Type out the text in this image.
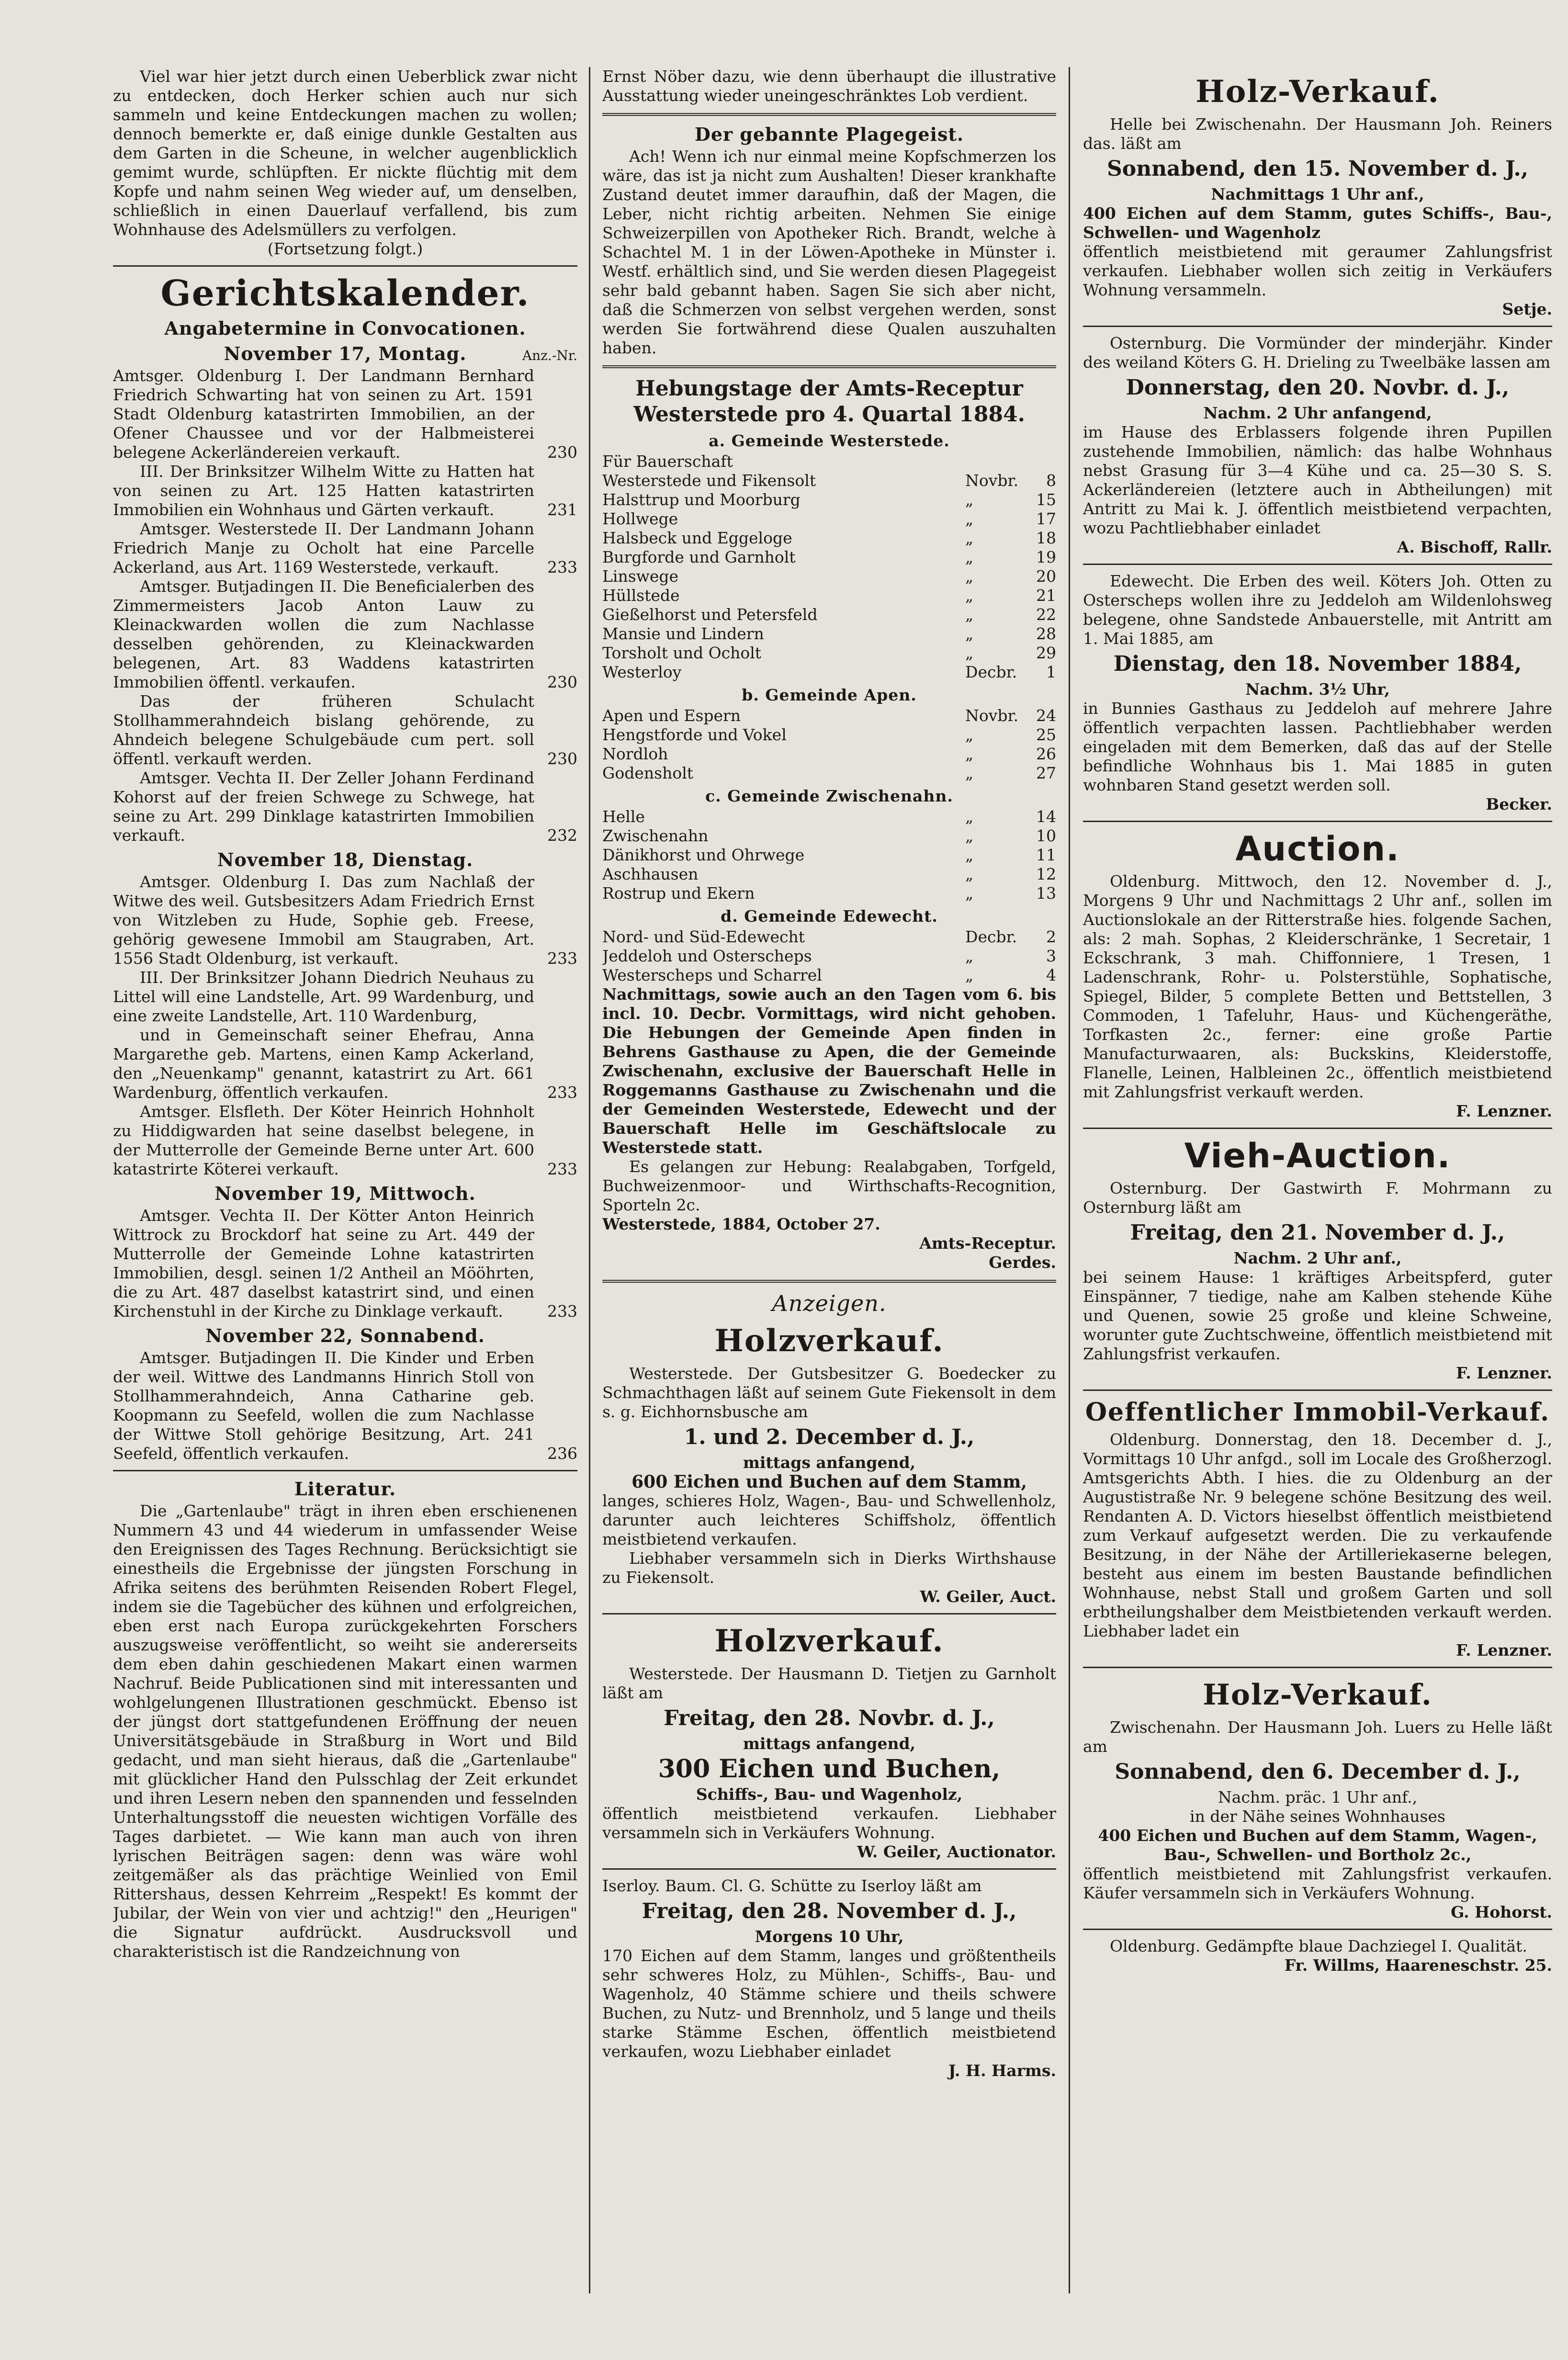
Viel war hier jetzt durch einen Ueberblick zwar nicht zu entdecken, doch Herker schien auch nur sich sammeln und keine Entdeckungen machen zu wollen; dennoch bemerkte er, daß einige dunkle Gestalten aus dem Garten in die Scheune, in welcher augenblicklich gemimt wurde, schlüpften. Er nickte flüchtig mit dem Kopfe und nahm seinen Weg wieder auf, um denselben, schließlich in einen Dauerlauf verfallend, bis zum Wohnhause des Adelsmüllers zu verfolgen.

(Fortsetzung folgt.)

Gerichtskalender.
Angabetermine in Convocationen.
November 17, Montag.	Anz.-Nr.

Amtsger. Oldenburg I. Der Landmann Bernhard Friedrich Schwarting hat von seinen zu Art. 1591 Stadt Oldenburg katastrirten Immobilien, an der Ofener Chaussee und vor der Halbmeisterei belegene Ackerländereien verkauft.	230

III. Der Brinksitzer Wilhelm Witte zu Hatten hat von seinen zu Art. 125 Hatten katastrirten Immobilien ein Wohnhaus und Gärten verkauft.	231

Amtsger. Westerstede II. Der Landmann Johann Friedrich Manje zu Ocholt hat eine Parcelle Ackerland, aus Art. 1169 Westerstede, verkauft.	233

Amtsger. Butjadingen II. Die Beneficialerben des Zimmermeisters Jacob Anton Lauw zu Kleinackwarden wollen die zum Nachlasse desselben gehörenden, zu Kleinackwarden belegenen, Art. 83 Waddens katastrirten Immobilien öffentl. verkaufen.	230

Das der früheren Schulacht Stollhammerahndeich bislang gehörende, zu Ahndeich belegene Schulgebäude cum pert. soll öffentl. verkauft werden.	230

Amtsger. Vechta II. Der Zeller Johann Ferdinand Kohorst auf der freien Schwege zu Schwege, hat seine zu Art. 299 Dinklage katastrirten Immobilien verkauft.	232

November 18, Dienstag.

Amtsger. Oldenburg I. Das zum Nachlaß der Witwe des weil. Gutsbesitzers Adam Friedrich Ernst von Witzleben zu Hude, Sophie geb. Freese, gehörig gewesene Immobil am Staugraben, Art. 1556 Stadt Oldenburg, ist verkauft.	233

III. Der Brinksitzer Johann Diedrich Neuhaus zu Littel will eine Landstelle, Art. 99 Wardenburg, und eine zweite Landstelle, Art. 110 Wardenburg,

und in Gemeinschaft seiner Ehefrau, Anna Margarethe geb. Martens, einen Kamp Ackerland, den „Neuenkamp" genannt, katastrirt zu Art. 661 Wardenburg, öffentlich verkaufen.	233

Amtsger. Elsfleth. Der Köter Heinrich Hohnholt zu Hiddigwarden hat seine daselbst belegene, in der Mutterrolle der Gemeinde Berne unter Art. 600 katastrirte Köterei verkauft.	233

November 19, Mittwoch.

Amtsger. Vechta II. Der Kötter Anton Heinrich Wittrock zu Brockdorf hat seine zu Art. 449 der Mutterrolle der Gemeinde Lohne katastrirten Immobilien, desgl. seinen 1/2 Antheil an Mööhrten, die zu Art. 487 daselbst katastrirt sind, und einen Kirchenstuhl in der Kirche zu Dinklage verkauft.	233

November 22, Sonnabend.

Amtsger. Butjadingen II. Die Kinder und Erben der weil. Wittwe des Landmanns Hinrich Stoll von Stollhammerahndeich, Anna Catharine geb. Koopmann zu Seefeld, wollen die zum Nachlasse der Wittwe Stoll gehörige Besitzung, Art. 241 Seefeld, öffentlich verkaufen.	236

Literatur.

Die „Gartenlaube" trägt in ihren eben erschienenen Nummern 43 und 44 wiederum in umfassender Weise den Ereignissen des Tages Rechnung. Berücksichtigt sie einestheils die Ergebnisse der jüngsten Forschung in Afrika seitens des berühmten Reisenden Robert Flegel, indem sie die Tagebücher des kühnen und erfolgreichen, eben erst nach Europa zurückgekehrten Forschers auszugsweise veröffentlicht, so weiht sie andererseits dem eben dahin geschiedenen Makart einen warmen Nachruf. Beide Publicationen sind mit interessanten und wohlgelungenen Illustrationen geschmückt. Ebenso ist der jüngst dort stattgefundenen Eröffnung der neuen Universitätsgebäude in Straßburg in Wort und Bild gedacht, und man sieht hieraus, daß die „Gartenlaube" mit glücklicher Hand den Pulsschlag der Zeit erkundet und ihren Lesern neben den spannenden und fesselnden Unterhaltungsstoff die neuesten wichtigen Vorfälle des Tages darbietet. — Wie kann man auch von ihren lyrischen Beiträgen sagen: denn was wäre wohl zeitgemäßer als das prächtige Weinlied von Emil Rittershaus, dessen Kehrreim „Respekt! Es kommt der Jubilar, der Wein von vier und achtzig!" den „Heurigen" die Signatur aufdrückt. Ausdrucksvoll und charakteristisch ist die Randzeichnung von

Ernst Nöber dazu, wie denn überhaupt die illustrative Ausstattung wieder uneingeschränktes Lob verdient.

Der gebannte Plagegeist.

Ach! Wenn ich nur einmal meine Kopfschmerzen los wäre, das ist ja nicht zum Aushalten! Dieser krankhafte Zustand deutet immer daraufhin, daß der Magen, die Leber, nicht richtig arbeiten. Nehmen Sie einige Schweizerpillen von Apotheker Rich. Brandt, welche à Schachtel M. 1 in der Löwen-Apotheke in Münster i. Westf. erhältlich sind, und Sie werden diesen Plagegeist sehr bald gebannt haben. Sagen Sie sich aber nicht, daß die Schmerzen von selbst vergehen werden, sonst werden Sie fortwährend diese Qualen auszuhalten haben.

Hebungstage der Amts-Receptur Westerstede pro 4. Quartal 1884.
a. Gemeinde Westerstede.

Für Bauerschaft

Westerstede und Fikensolt	Novbr.	8
Halsttrup und Moorburg	„	15
Hollwege	„	17
Halsbeck und Eggeloge	„	18
Burgforde und Garnholt	„	19
Linswege	„	20
Hüllstede	„	21
Gießelhorst und Petersfeld	„	22
Mansie und Lindern	„	28
Torsholt und Ocholt	„	29
Westerloy	Decbr.	1
b. Gemeinde Apen.
Apen und Espern	Novbr.	24
Hengstforde und Vokel	„	25
Nordloh	„	26
Godensholt	„	27
c. Gemeinde Zwischenahn.
Helle	„	14
Zwischenahn	„	10
Dänikhorst und Ohrwege	„	11
Aschhausen	„	12
Rostrup und Ekern	„	13
d. Gemeinde Edewecht.
Nord- und Süd-Edewecht	Decbr.	2
Jeddeloh und Osterscheps	„	3
Westerscheps und Scharrel	„	4

Nachmittags, sowie auch an den Tagen vom 6. bis incl. 10. Decbr. Vormittags, wird nicht gehoben. Die Hebungen der Gemeinde Apen finden in Behrens Gasthause zu Apen, die der Gemeinde Zwischenahn, exclusive der Bauerschaft Helle in Roggemanns Gasthause zu Zwischenahn und die der Gemeinden Westerstede, Edewecht und der Bauerschaft Helle im Geschäftslocale zu Westerstede statt.

Es gelangen zur Hebung: Realabgaben, Torfgeld, Buchweizenmoor- und Wirthschafts-Recognition, Sporteln 2c.

Westerstede, 1884, October 27.

Amts-Receptur.

Gerdes.

Anzeigen.
Holzverkauf.

Westerstede. Der Gutsbesitzer G. Boedecker zu Schmachthagen läßt auf seinem Gute Fiekensolt in dem s. g. Eichhornsbusche am

1. und 2. December d. J.,

mittags anfangend,

600 Eichen und Buchen auf dem Stamm,

langes, schieres Holz, Wagen-, Bau- und Schwellenholz, darunter auch leichteres Schiffsholz, öffentlich meistbietend verkaufen.

Liebhaber versammeln sich in Dierks Wirthshause zu Fiekensolt.

W. Geiler, Auct.

Holzverkauf.

Westerstede. Der Hausmann D. Tietjen zu Garnholt läßt am

Freitag, den 28. Novbr. d. J.,

mittags anfangend,

300 Eichen und Buchen,

Schiffs-, Bau- und Wagenholz,

öffentlich meistbietend verkaufen. Liebhaber versammeln sich in Verkäufers Wohnung.

W. Geiler, Auctionator.

Iserloy. Baum. Cl. G. Schütte zu Iserloy läßt am

Freitag, den 28. November d. J.,

Morgens 10 Uhr,

170 Eichen auf dem Stamm, langes und größtentheils sehr schweres Holz, zu Mühlen-, Schiffs-, Bau- und Wagenholz, 40 Stämme schiere und theils schwere Buchen, zu Nutz- und Brennholz, und 5 lange und theils starke Stämme Eschen, öffentlich meistbietend verkaufen, wozu Liebhaber einladet

J. H. Harms.

Holz-Verkauf.

Helle bei Zwischenahn. Der Hausmann Joh. Reiners das. läßt am

Sonnabend, den 15. November d. J.,

Nachmittags 1 Uhr anf.,

400 Eichen auf dem Stamm, gutes Schiffs-, Bau-, Schwellen- und Wagenholz

öffentlich meistbietend mit geraumer Zahlungsfrist verkaufen. Liebhaber wollen sich zeitig in Verkäufers Wohnung versammeln.

Setje.

Osternburg. Die Vormünder der minderjähr. Kinder des weiland Köters G. H. Drieling zu Tweelbäke lassen am

Donnerstag, den 20. Novbr. d. J.,

Nachm. 2 Uhr anfangend,

im Hause des Erblassers folgende ihren Pupillen zustehende Immobilien, nämlich: das halbe Wohnhaus nebst Grasung für 3—4 Kühe und ca. 25—30 S. S. Ackerländereien (letztere auch in Abtheilungen) mit Antritt zu Mai k. J. öffentlich meistbietend verpachten, wozu Pachtliebhaber einladet

A. Bischoff, Rallr.

Edewecht. Die Erben des weil. Köters Joh. Otten zu Osterscheps wollen ihre zu Jeddeloh am Wildenlohsweg belegene, ohne Sandstede Anbauerstelle, mit Antritt am 1. Mai 1885, am

Dienstag, den 18. November 1884,

Nachm. 3½ Uhr,

in Bunnies Gasthaus zu Jeddeloh auf mehrere Jahre öffentlich verpachten lassen. Pachtliebhaber werden eingeladen mit dem Bemerken, daß das auf der Stelle befindliche Wohnhaus bis 1. Mai 1885 in guten wohnbaren Stand gesetzt werden soll.

Becker.

Auction.

Oldenburg. Mittwoch, den 12. November d. J., Morgens 9 Uhr und Nachmittags 2 Uhr anf., sollen im Auctionslokale an der Ritterstraße hies. folgende Sachen, als: 2 mah. Sophas, 2 Kleiderschränke, 1 Secretair, 1 Eckschrank, 3 mah. Chiffonniere, 1 Tresen, 1 Ladenschrank, Rohr- u. Polsterstühle, Sophatische, Spiegel, Bilder, 5 complete Betten und Bettstellen, 3 Commoden, 1 Tafeluhr, Haus- und Küchengeräthe, Torfkasten 2c., ferner: eine große Partie Manufacturwaaren, als: Buckskins, Kleiderstoffe, Flanelle, Leinen, Halbleinen 2c., öffentlich meistbietend mit Zahlungsfrist verkauft werden.

F. Lenzner.

Vieh-Auction.

Osternburg. Der Gastwirth F. Mohrmann zu Osternburg läßt am

Freitag, den 21. November d. J.,

Nachm. 2 Uhr anf.,

bei seinem Hause: 1 kräftiges Arbeitspferd, guter Einspänner, 7 tiedige, nahe am Kalben stehende Kühe und Quenen, sowie 25 große und kleine Schweine, worunter gute Zuchtschweine, öffentlich meistbietend mit Zahlungsfrist verkaufen.

F. Lenzner.

Oeffentlicher Immobil-Verkauf.

Oldenburg. Donnerstag, den 18. December d. J., Vormittags 10 Uhr anfgd., soll im Locale des Großherzogl. Amtsgerichts Abth. I hies. die zu Oldenburg an der Augustistraße Nr. 9 belegene schöne Besitzung des weil. Rendanten A. D. Victors hieselbst öffentlich meistbietend zum Verkauf aufgesetzt werden. Die zu verkaufende Besitzung, in der Nähe der Artilleriekaserne belegen, besteht aus einem im besten Baustande befindlichen Wohnhause, nebst Stall und großem Garten und soll erbtheilungshalber dem Meistbietenden verkauft werden. Liebhaber ladet ein

F. Lenzner.

Holz-Verkauf.

Zwischenahn. Der Hausmann Joh. Luers zu Helle läßt am

Sonnabend, den 6. December d. J.,

Nachm. präc. 1 Uhr anf.,

in der Nähe seines Wohnhauses

400 Eichen und Buchen auf dem Stamm, Wagen-, Bau-, Schwellen- und Bortholz 2c.,

öffentlich meistbietend mit Zahlungsfrist verkaufen. Käufer versammeln sich in Verkäufers Wohnung.

G. Hohorst.

Oldenburg. Gedämpfte blaue Dachziegel I. Qualität.

Fr. Willms, Haareneschstr. 25.
